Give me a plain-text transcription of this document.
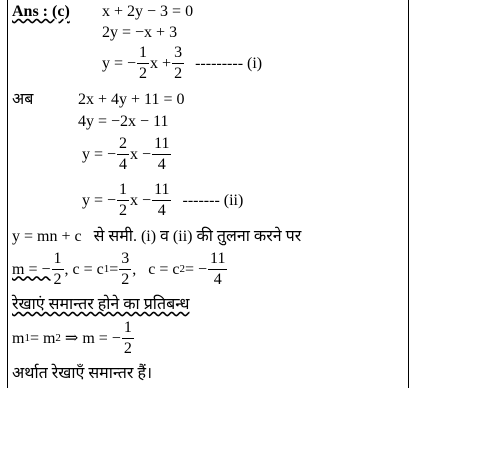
Ans : (c) x + 2y − 3 = 0
2y = −x + 3
y = − $\frac{1}{2}$ $x + \frac{3}{2}$ --------- (i)
अब	2x + 4y + 11 = 0
4y = −2x − 11
y = − $\frac{2}{4}$ $x - \frac{11}{4}$
y = − $\frac{1}{2}$ $x - \frac{11}{4}$ ------- (ii)
y = mn + c से समी. (i) व (ii) की तुलना करने पर
m = − $\frac{1}{2}$ , c = c $1 = \frac{3}{2}$ ,   c = c 2 = − $\frac{11}{4}$
रेखाएं समान्तर होने का प्रतिबन्ध
m 1 = m 2 ⇒ m = − $\frac{1}{2}$
अर्थात रेखाएँ समान्तर हैं।
